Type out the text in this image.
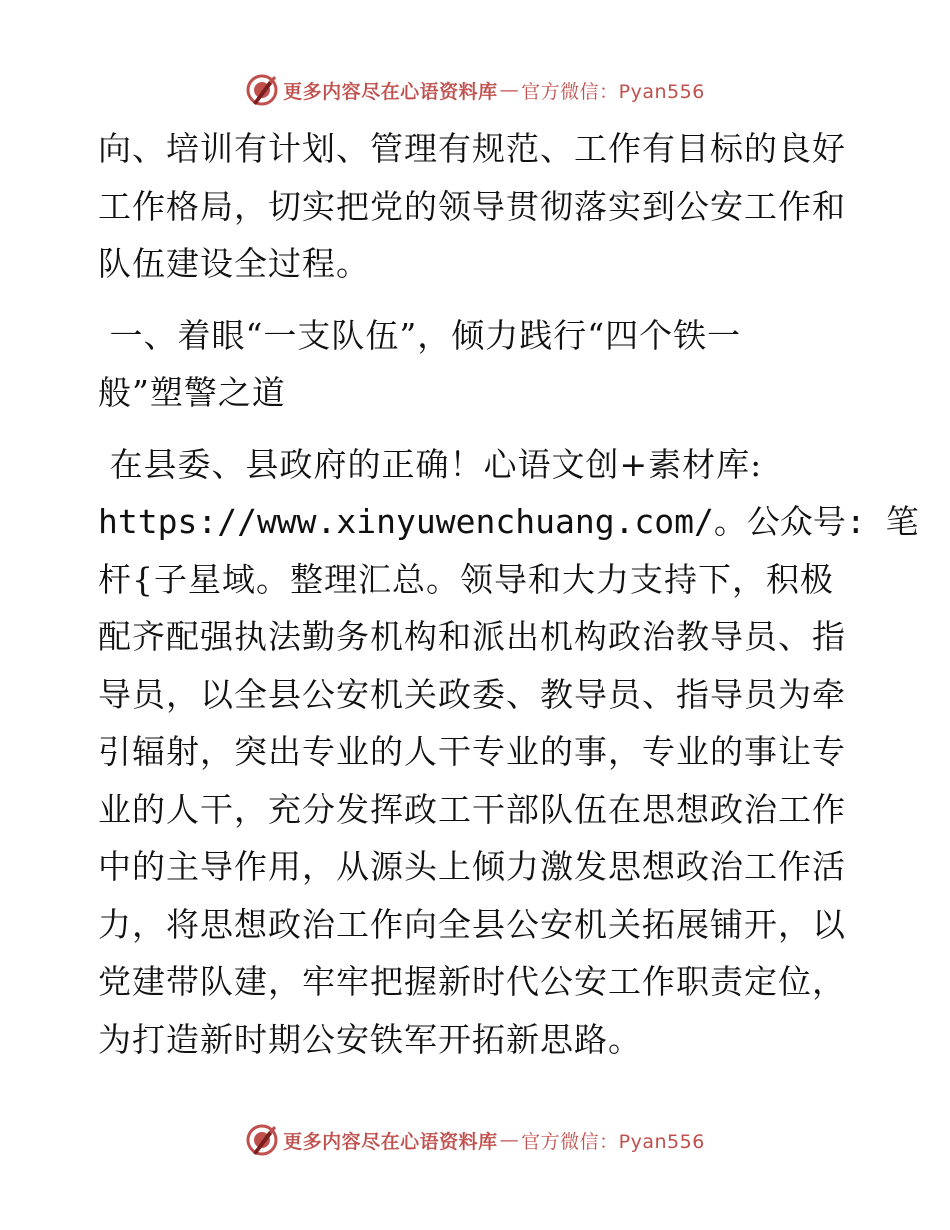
更多内容尽在心语资料库 — 官方微信：Pyan556
向、培训有计划、管理有规范、工作有目标的良好
工作格局，切实把党的领导贯彻落实到公安工作和
队伍建设全过程。
一、着眼“一支队伍”，倾力践行“四个铁一
般”塑警之道
在县委、县政府的正确！心语文创+素材库:
https://www.xinyuwenchuang.com/。公众号: 笔
杆{子星域。整理汇总。领导和大力支持下，积极
配齐配强执法勤务机构和派出机构政治教导员、指
导员，以全县公安机关政委、教导员、指导员为牵
引辐射，突出专业的人干专业的事，专业的事让专
业的人干，充分发挥政工干部队伍在思想政治工作
中的主导作用，从源头上倾力激发思想政治工作活
力，将思想政治工作向全县公安机关拓展铺开，以
党建带队建，牢牢把握新时代公安工作职责定位，
为打造新时期公安铁军开拓新思路。
更多内容尽在心语资料库 — 官方微信：Pyan556
